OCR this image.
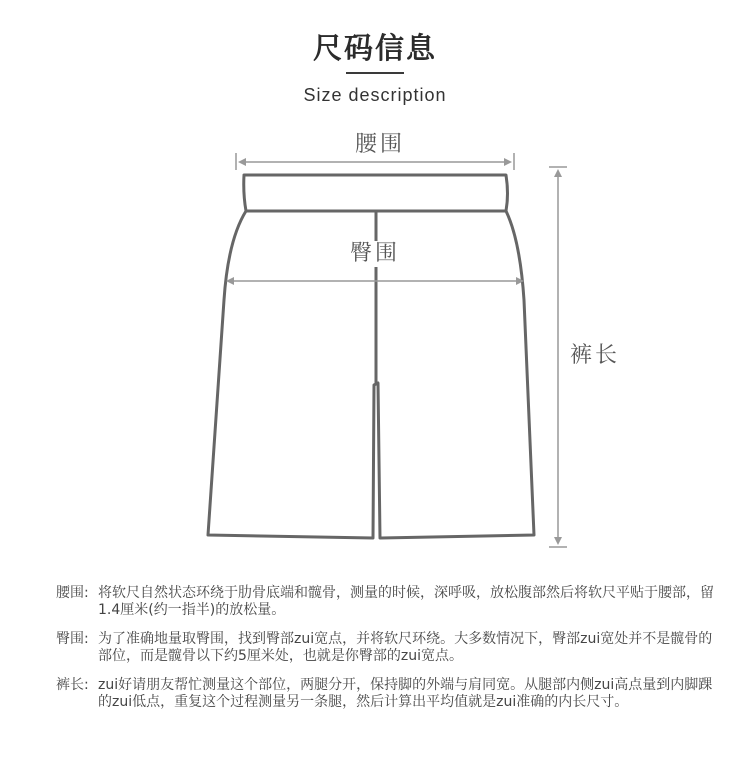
尺码信息
Size description
腰围
臀围
裤长
腰围: 将软尺自然状态环绕于肋骨底端和髋骨，测量的时候，深呼吸，放松腹部然后将软尺平贴于腰部，留1.4厘米(约一指半)的放松量。
臀围: 为了准确地量取臀围，找到臀部zui宽点，并将软尺环绕。大多数情况下，臀部zui宽处并不是髋骨的部位，而是髋骨以下约5厘米处，也就是你臀部的zui宽点。
裤长: zui好请朋友帮忙测量这个部位，两腿分开，保持脚的外端与肩同宽。从腿部内侧zui高点量到内脚踝的zui低点，重复这个过程测量另一条腿，然后计算出平均值就是zui准确的内长尺寸。
